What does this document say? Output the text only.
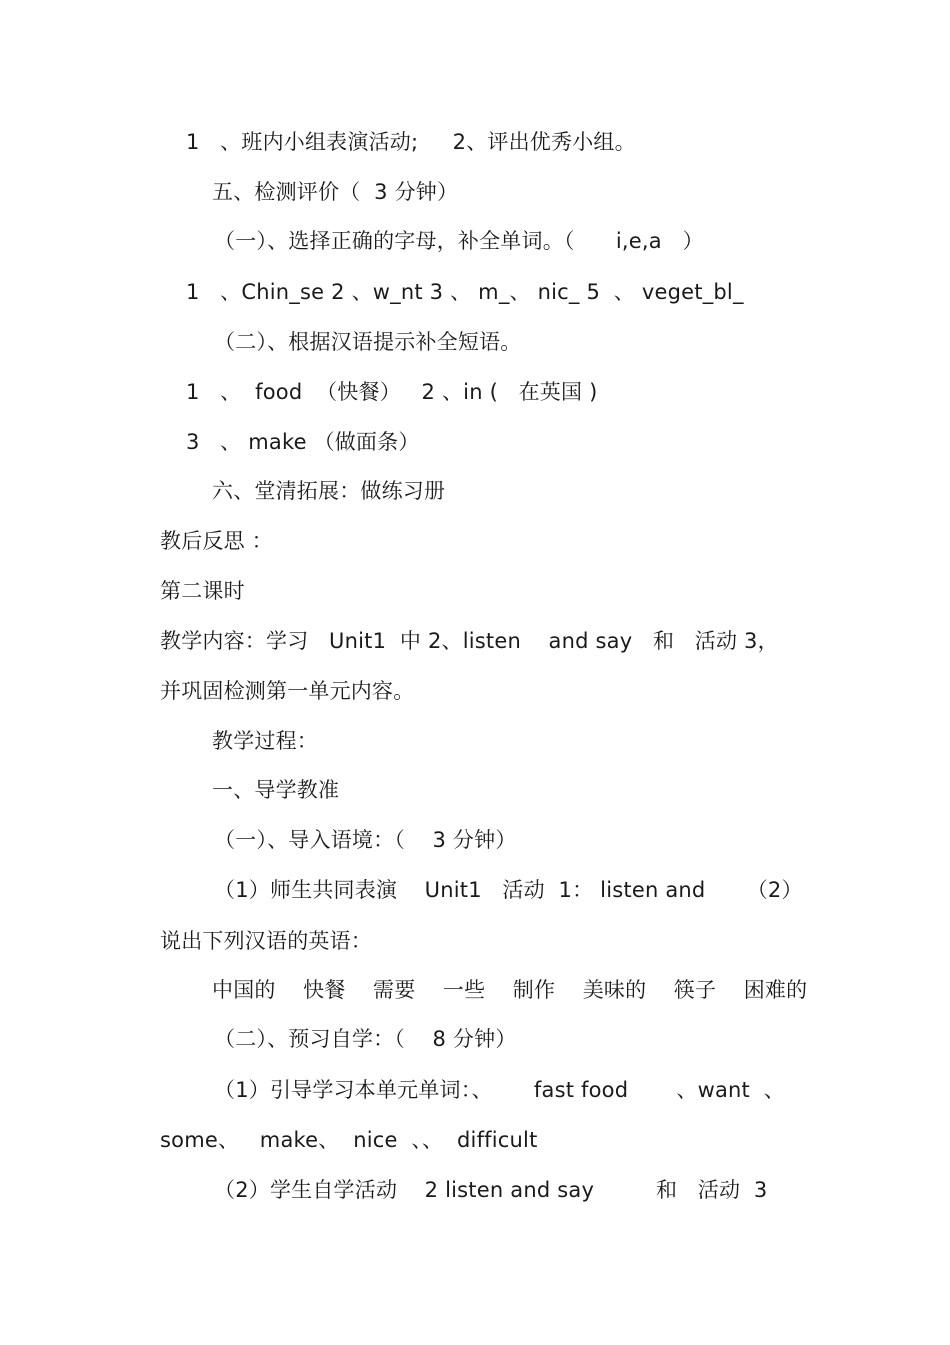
1   、班内小组表演活动;     2、评出优秀小组。
五、检测评价（  3 分钟）
（一）、选择正确的字母，补全单词。（      i,e,a   ）
1   、Chin_se 2 、w_nt 3 、 m_、 nic_ 5  、 veget_bl_
（二）、根据汉语提示补全短语。
1   、  food  （快餐）   2 、in (   在英国 )
3   、 make （做面条）
六、堂清拓展：做练习册
教后反思 ：
第二课时
教学内容：学习   Unit1  中 2、listen    and say   和   活动 3，
并巩固检测第一单元内容。
教学过程：
一、导学教准
（一）、导入语境：（    3 分钟）
（1）师生共同表演    Unit1   活动  1： listen and      （2）
说出下列汉语的英语：
中国的    快餐    需要    一些    制作    美味的    筷子    困难的
（二）、预习自学：（    8 分钟）
（1）引导学习本单元单词：、      fast food       、want  、
some、   make、  nice  、、  difficult
（2）学生自学活动    2 listen and say         和   活动  3
